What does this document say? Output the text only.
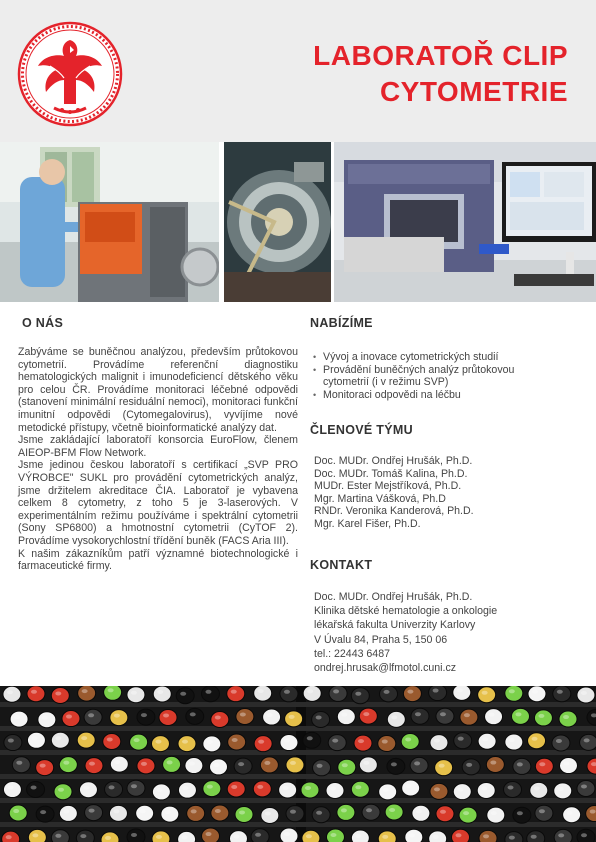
LABORATOŘ CLIP
CYTOMETRIE
O NÁS

Zabýváme se buněčnou analýzou, především průtokovou cytometrií. Provádíme referenční diagnostiku hematologických malignit i imunodeficiencí dětského věku pro celou ČR. Provádíme monitoraci léčebné odpovědi (stanovení minimální residuální nemoci), monitoraci funkční imunitní odpovědi (Cytomegalovirus), vyvíjíme nové metodické přístupy, včetně bioinformatické analýzy dat.

Jsme zakládající laboratoří konsorcia EuroFlow, členem AIEOP-BFM Flow Network.

Jsme jedinou českou laboratoří s certifikací „SVP PRO VÝROBCE" SUKL pro provádění cytometrických analýz, jsme držitelem akreditace ČIA. Laboratoř je vybavena celkem 8 cytometry, z toho 5 je 3-laserových. V experimentálním režimu používáme i spektrální cytometrii (Sony SP6800) a hmotnostní cytometrii (CyTOF 2). Provádíme vysokorychlostní třídění buněk (FACS Aria III).

K našim zákazníkům patří významné biotechnologické i farmaceutické firmy.

NABÍZÍME
• Vývoj a inovace cytometrických studií
• Provádění buněčných analýz průtokovou cytometrií (i v režimu SVP)
• Monitoraci odpovědi na léčbu
ČLENOVÉ TÝMU
Doc. MUDr. Ondřej Hrušák, Ph.D.
Doc. MUDr. Tomáš Kalina, Ph.D.
MUDr. Ester Mejstříková, Ph.D.
Mgr. Martina Vášková, Ph.D
RNDr. Veronika Kanderová, Ph.D.
Mgr. Karel Fišer, Ph.D.
KONTAKT
Doc. MUDr. Ondřej Hrušák, Ph.D.
Klinika dětské hematologie a onkologie
lékařská fakulta Univerzity Karlovy
V Úvalu 84, Praha 5, 150 06
tel.: 22443 6487
ondrej.hrusak@lfmotol.cuni.cz
